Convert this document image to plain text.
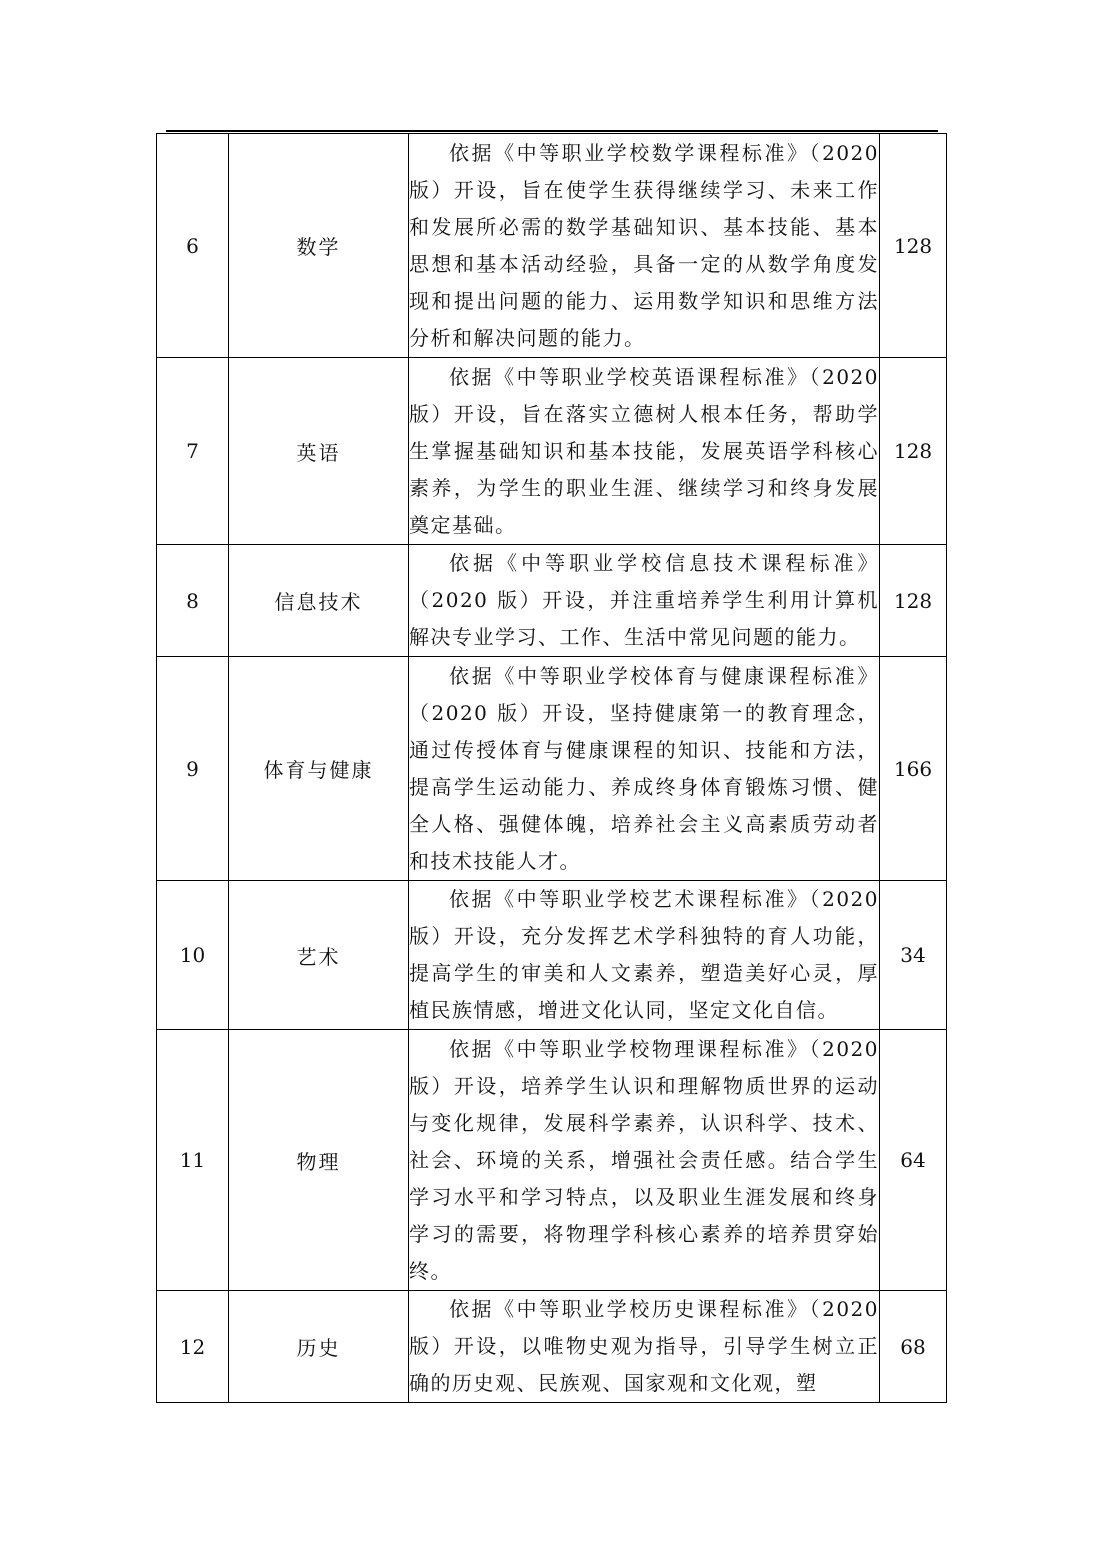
6	数学	依据《中等职业学校数学课程标准》（2020版）开设，旨在使学生获得继续学习、未来工作和发展所必需的数学基础知识、基本技能、基本思想和基本活动经验，具备一定的从数学角度发现和提出问题的能力、运用数学知识和思维方法分析和解决问题的能力。	128
7	英语	依据《中等职业学校英语课程标准》（2020版）开设，旨在落实立德树人根本任务，帮助学生掌握基础知识和基本技能，发展英语学科核心素养，为学生的职业生涯、继续学习和终身发展奠定基础。	128
8	信息技术	依据《中等职业学校信息技术课程标准》（2020 版）开设，并注重培养学生利用计算机解决专业学习、工作、生活中常见问题的能力。	128
9	体育与健康	依据《中等职业学校体育与健康课程标准》（2020 版）开设，坚持健康第一的教育理念，通过传授体育与健康课程的知识、技能和方法，提高学生运动能力、养成终身体育锻炼习惯、健全人格、强健体魄，培养社会主义高素质劳动者和技术技能人才。	166
10	艺术	依据《中等职业学校艺术课程标准》（2020版）开设，充分发挥艺术学科独特的育人功能，提高学生的审美和人文素养，塑造美好心灵，厚植民族情感，增进文化认同，坚定文化自信。	34
11	物理	依据《中等职业学校物理课程标准》（2020版）开设，培养学生认识和理解物质世界的运动与变化规律，发展科学素养，认识科学、技术、社会、环境的关系，增强社会责任感。结合学生学习水平和学习特点，以及职业生涯发展和终身学习的需要，将物理学科核心素养的培养贯穿始终。	64
12	历史	依据《中等职业学校历史课程标准》（2020版）开设，以唯物史观为指导，引导学生树立正确的历史观、民族观、国家观和文化观，塑	68
